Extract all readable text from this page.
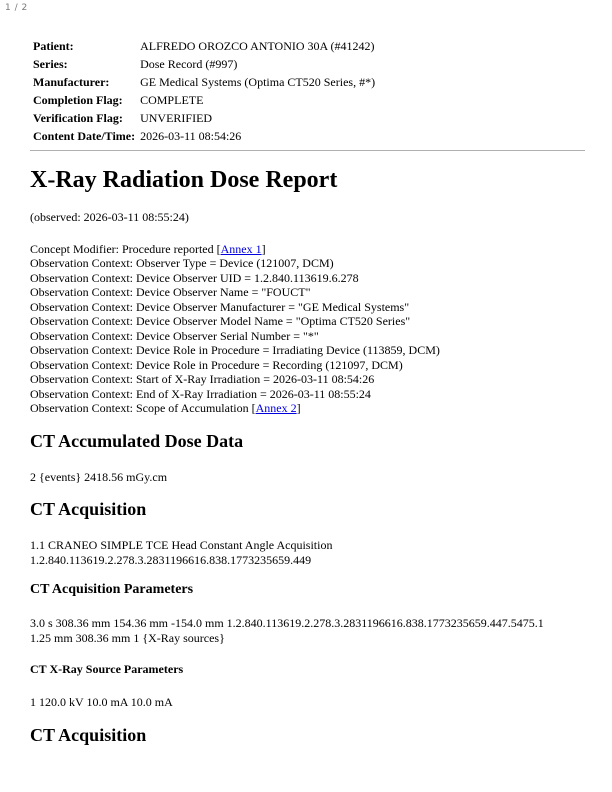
1 / 2
Patient:	ALFREDO OROZCO ANTONIO 30A (#41242)
Series:	Dose Record (#997)
Manufacturer:	GE Medical Systems (Optima CT520 Series, #*)
Completion Flag:	COMPLETE
Verification Flag:	UNVERIFIED
Content Date/Time:	2026-03-11 08:54:26
X-Ray Radiation Dose Report

(observed: 2026-03-11 08:55:24)

Concept Modifier: Procedure reported [Annex 1]
Observation Context: Observer Type = Device (121007, DCM)
Observation Context: Device Observer UID = 1.2.840.113619.6.278
Observation Context: Device Observer Name = "FOUCT"
Observation Context: Device Observer Manufacturer = "GE Medical Systems"
Observation Context: Device Observer Model Name = "Optima CT520 Series"
Observation Context: Device Observer Serial Number = "*"
Observation Context: Device Role in Procedure = Irradiating Device (113859, DCM)
Observation Context: Device Role in Procedure = Recording (121097, DCM)
Observation Context: Start of X-Ray Irradiation = 2026-03-11 08:54:26
Observation Context: End of X-Ray Irradiation = 2026-03-11 08:55:24
Observation Context: Scope of Accumulation [Annex 2]

CT Accumulated Dose Data

2 {events} 2418.56 mGy.cm

CT Acquisition

1.1 CRANEO SIMPLE TCE Head Constant Angle Acquisition
1.2.840.113619.2.278.3.2831196616.838.1773235659.449

CT Acquisition Parameters

3.0 s 308.36 mm 154.36 mm -154.0 mm 1.2.840.113619.2.278.3.2831196616.838.1773235659.447.5475.1
1.25 mm 308.36 mm 1 {X-Ray sources}

CT X-Ray Source Parameters

1 120.0 kV 10.0 mA 10.0 mA

CT Acquisition
